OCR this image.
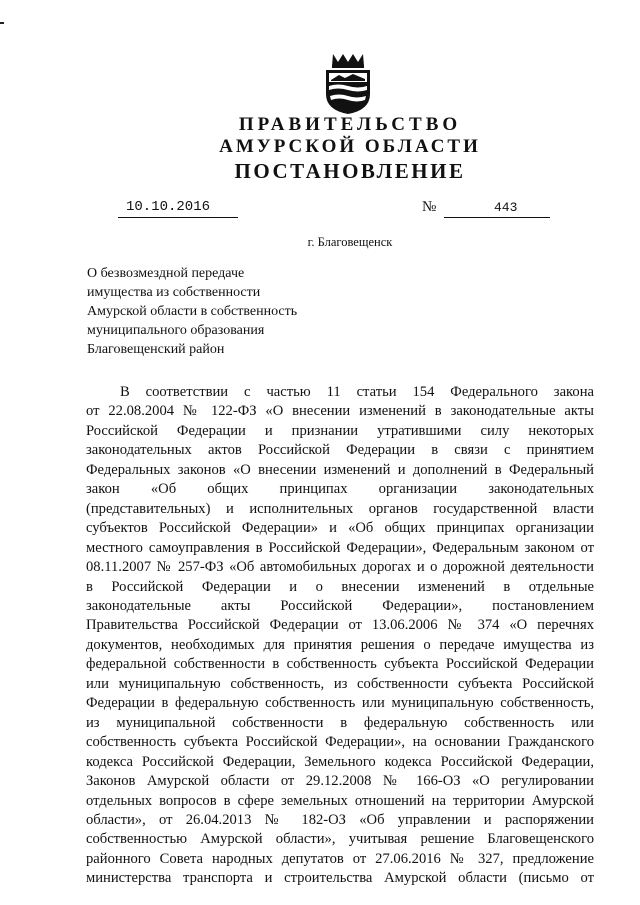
ПРАВИТЕЛЬСТВО

АМУРСКОЙ ОБЛАСТИ

ПОСТАНОВЛЕНИЕ

10.10.2016	№	443
г. Благовещенск
О безвозмездной передаче
имущества из собственности
Амурской области в собственность
муниципального образования
Благовещенский район
В соответствии с частью 11 статьи 154 Федерального закона
от 22.08.2004 № 122-ФЗ «О внесении изменений в законодательные акты
Российской Федерации и признании утратившими силу некоторых
законодательных актов Российской Федерации в связи с принятием
Федеральных законов «О внесении изменений и дополнений в Федеральный
закон «Об общих принципах организации законодательных
(представительных) и исполнительных органов государственной власти
субъектов Российской Федерации» и «Об общих принципах организации
местного самоуправления в Российской Федерации», Федеральным законом от
08.11.2007 № 257-ФЗ «Об автомобильных дорогах и о дорожной деятельности
в Российской Федерации и о внесении изменений в отдельные
законодательные акты Российской Федерации», постановлением
Правительства Российской Федерации от 13.06.2006 № 374 «О перечнях
документов, необходимых для принятия решения о передаче имущества из
федеральной собственности в собственность субъекта Российской Федерации
или муниципальную собственность, из собственности субъекта Российской
Федерации в федеральную собственность или муниципальную собственность,
из муниципальной собственности в федеральную собственность или
собственность субъекта Российской Федерации», на основании Гражданского
кодекса Российской Федерации, Земельного кодекса Российской Федерации,
Законов Амурской области от 29.12.2008 № 166-ОЗ «О регулировании
отдельных вопросов в сфере земельных отношений на территории Амурской
области», от 26.04.2013 № 182-ОЗ «Об управлении и распоряжении
собственностью Амурской области», учитывая решение Благовещенского
районного Совета народных депутатов от 27.06.2016 № 327, предложение
министерства транспорта и строительства Амурской области (письмо от
